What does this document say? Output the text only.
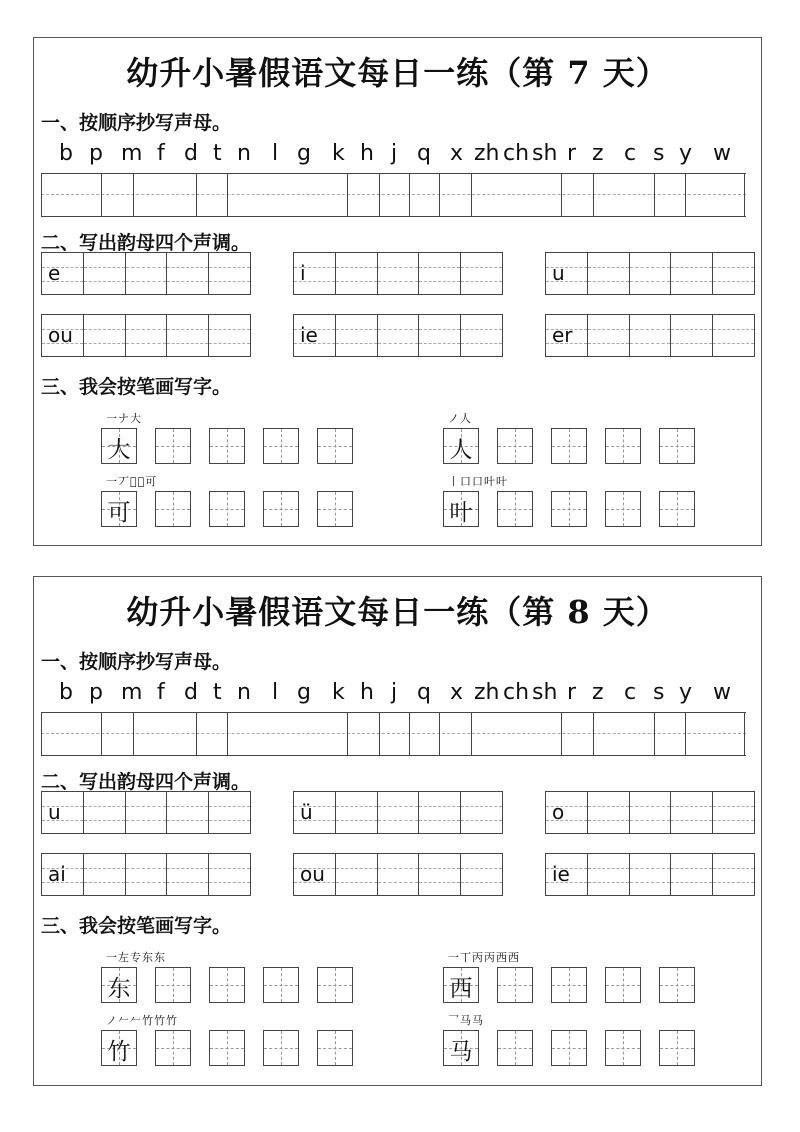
幼升小暑假语文每日一练（第 7 天）
一、按顺序抄写声母。
b p m f d t n l g k h j q x zh ch sh r z c s y w
二、写出韵母四个声调。
e	i	u
ou	ie	er
三、我会按笔画写字。
一ナ大
大
ノ人
人
一丆𠮝𠮝可
可
丨口口叶叶
叶
幼升小暑假语文每日一练（第 8 天）
一、按顺序抄写声母。
b p m f d t n l g k h j q x zh ch sh r z c s y w
二、写出韵母四个声调。
u	ü	o
ai	ou	ie
三、我会按笔画写字。
一左专东东
东
一丅丙丙西西
西
ノ𠂉𠂉竹竹竹
竹
乛马马
马
